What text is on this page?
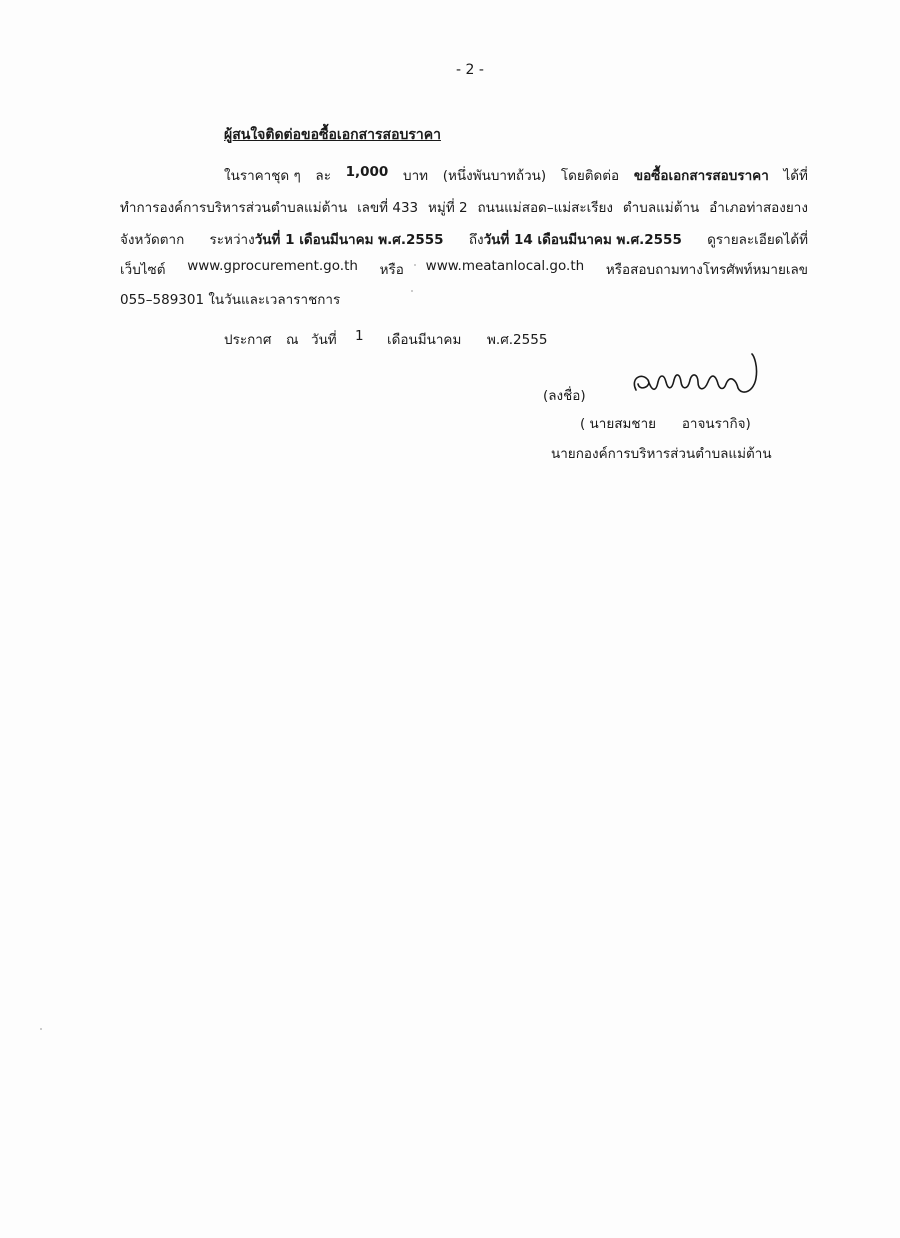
- 2 -
ผู้สนใจติดต่อขอซื้อเอกสารสอบราคา
ในราคาชุด ๆ ละ 1,000 บาท (หนึ่งพันบาทถ้วน) โดยติดต่อ ขอซื้อเอกสารสอบราคา ได้ที่
ทำการองค์การบริหารส่วนตำบลแม่ต้าน เลขที่ 433 หมู่ที่ 2 ถนนแม่สอด–แม่สะเรียง ตำบลแม่ต้าน อำเภอท่าสองยาง
จังหวัดตาก ระหว่างวันที่ 1 เดือนมีนาคม พ.ศ.2555 ถึงวันที่ 14 เดือนมีนาคม พ.ศ.2555 ดูรายละเอียดได้ที่
เว็บไซต์ www.gprocurement.go.th หรือ www.meatanlocal.go.th หรือสอบถามทางโทรศัพท์หมายเลข
055–589301 ในวันและเวลาราชการ
ประกาศ	ณ วันที่	1	เดือนมีนาคม	พ.ศ.2555
(ลงชื่อ)
( นายสมชาย      อาจนรากิจ)
นายกองค์การบริหารส่วนตำบลแม่ต้าน
